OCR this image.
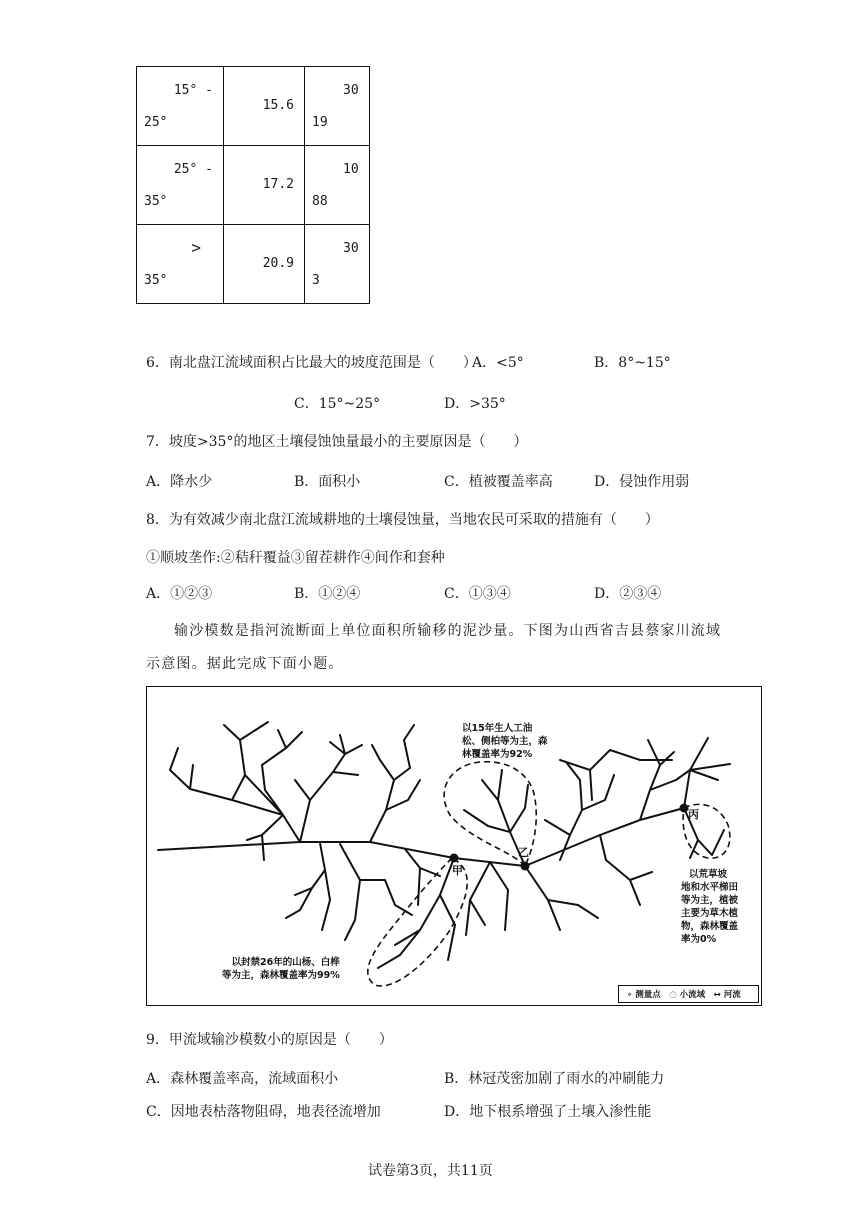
15° -
25°	15.6	30
19

25° -
35°	17.2	10
88

>
35°	20.9	30
3
6．南北盘江流域面积占比最大的坡度范围是（　　）
A．<5°	B．8°~15°
C．15°~25°	D．>35°
7．坡度>35°的地区土壤侵蚀蚀量最小的主要原因是（　　）
A．降水少	B．面积小	C．植被覆盖率高	D．侵蚀作用弱
8．为有效减少南北盘江流域耕地的土壤侵蚀量，当地农民可采取的措施有（　　）
①顺坡垄作:②秸秆覆益③留茬耕作④间作和套种
A．①②③	B．①②④	C．①③④	D．②③④
输沙模数是指河流断面上单位面积所输移的泥沙量。下图为山西省吉县蔡家川流域
示意图。据此完成下面小题。
以15年生人工油
松、侧柏等为主，森
林覆盖率为92%
以封禁26年的山杨、白桦
等为主，森林覆盖率为99%
以荒草坡
地和水平梯田
等为主，植被
主要为草木植
物，森林覆盖
率为0%
甲
乙
丙
∘ 测量点　◌ 小流域　↔ 河流
9．甲流域输沙模数小的原因是（　　）
A．森林覆盖率高，流域面积小	B．林冠茂密加剧了雨水的冲刷能力
C．因地表枯落物阻碍，地表径流增加	D．地下根系增强了土壤入渗性能
试卷第3页，共11页
